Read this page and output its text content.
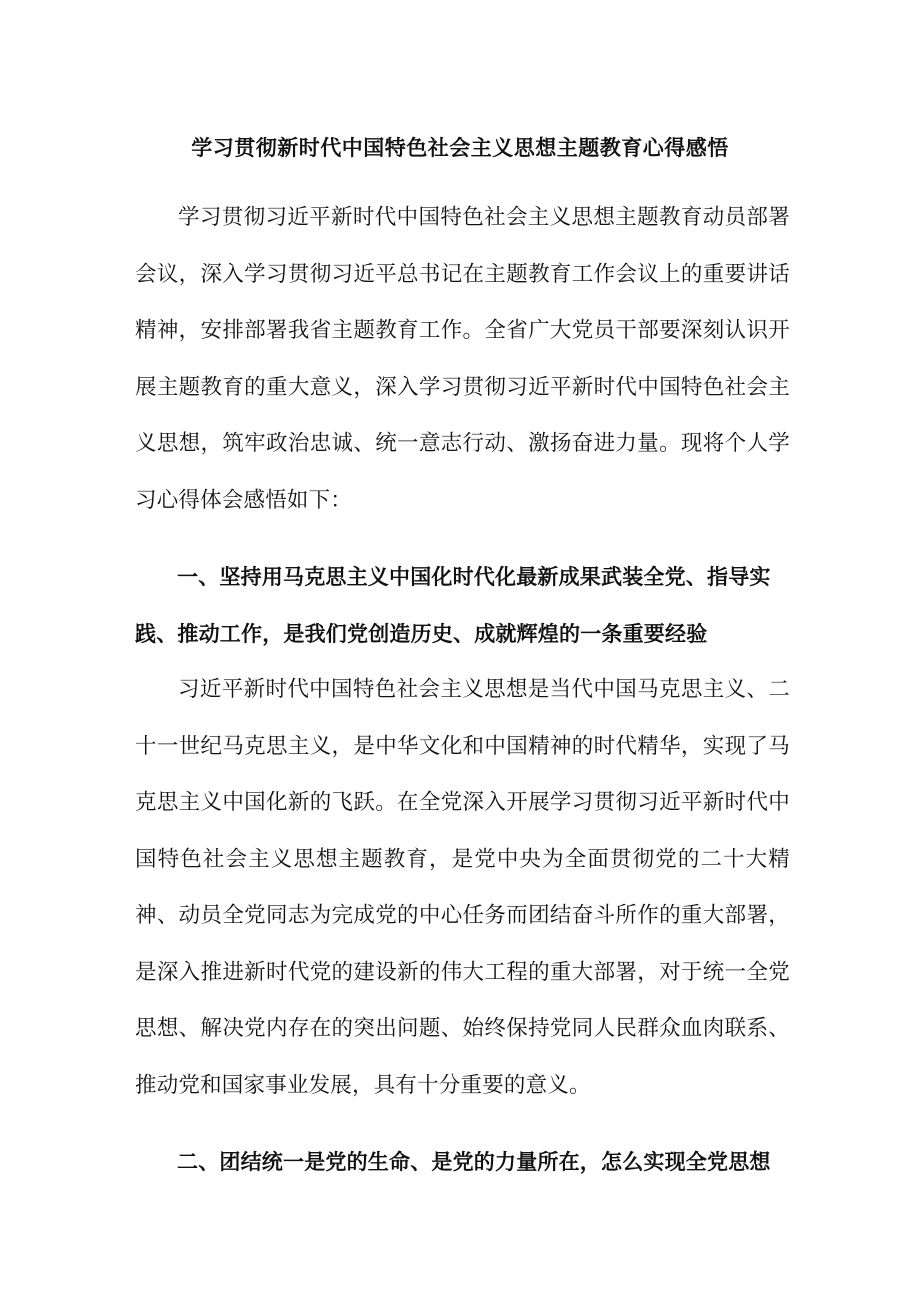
学习贯彻新时代中国特色社会主义思想主题教育心得感悟

学习贯彻习近平新时代中国特色社会主义思想主题教育动员部署会议，深入学习贯彻习近平总书记在主题教育工作会议上的重要讲话精神，安排部署我省主题教育工作。全省广大党员干部要深刻认识开展主题教育的重大意义，深入学习贯彻习近平新时代中国特色社会主义思想，筑牢政治忠诚、统一意志行动、激扬奋进力量。现将个人学习心得体会感悟如下：

一、坚持用马克思主义中国化时代化最新成果武装全党、指导实践、推动工作，是我们党创造历史、成就辉煌的一条重要经验

习近平新时代中国特色社会主义思想是当代中国马克思主义、二十一世纪马克思主义，是中华文化和中国精神的时代精华，实现了马克思主义中国化新的飞跃。在全党深入开展学习贯彻习近平新时代中国特色社会主义思想主题教育，是党中央为全面贯彻党的二十大精神、动员全党同志为完成党的中心任务而团结奋斗所作的重大部署，是深入推进新时代党的建设新的伟大工程的重大部署，对于统一全党思想、解决党内存在的突出问题、始终保持党同人民群众血肉联系、推动党和国家事业发展，具有十分重要的意义。

二、团结统一是党的生命、是党的力量所在，怎么实现全党思想
